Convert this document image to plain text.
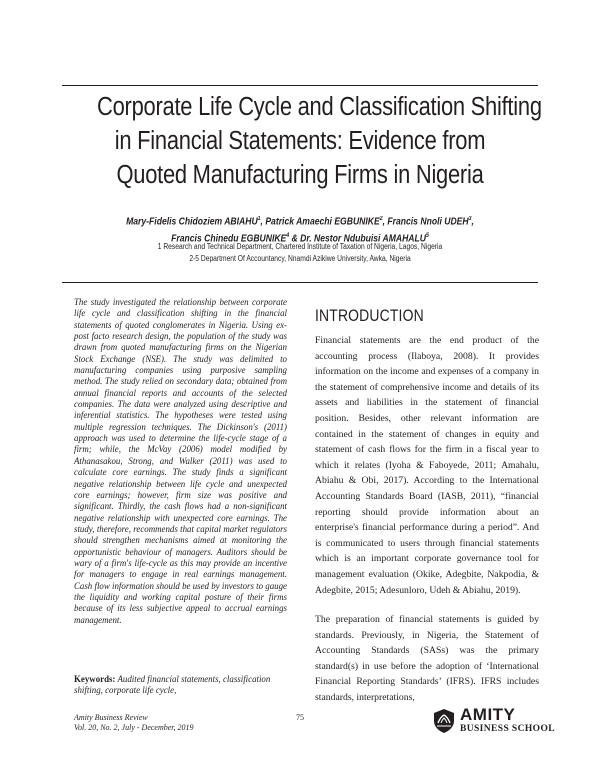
Corporate Life Cycle and Classification Shifting
in Financial Statements: Evidence from
Quoted Manufacturing Firms in Nigeria
Mary-Fidelis Chidoziem ABIAHU$^1$, Patrick Amaechi EGBUNIKE$^2$, Francis Nnoli UDEH$^3$,
Francis Chinedu EGBUNIKE$^4$ & Dr. Nestor Ndubuisi AMAHALU$^5$
1 Research and Technical Department, Chartered Institute of Taxation of Nigeria, Lagos, Nigeria
2-5 Department Of Accountancy, Nnamdi Azikiwe University, Awka, Nigeria

The study investigated the relationship between corporate life cycle and classification shifting in the financial statements of quoted conglomerates in Nigeria. Using ex-post facto research design, the population of the study was drawn from quoted manufacturing firms on the Nigerian Stock Exchange (NSE). The study was delimited to manufacturing companies using purposive sampling method. The study relied on secondary data; obtained from annual financial reports and accounts of the selected companies. The data were analyzed using descriptive and inferential statistics. The hypotheses were tested using multiple regression techniques. The Dickinson's (2011) approach was used to determine the life-cycle stage of a firm; while, the McVay (2006) model modified by Athanasakou, Strong, and Walker (2011) was used to calculate core earnings. The study finds a significant negative relationship between life cycle and unexpected core earnings; however, firm size was positive and significant. Thirdly, the cash flows had a non-significant negative relationship with unexpected core earnings. The study, therefore, recommends that capital market regulators should strengthen mechanisms aimed at monitoring the opportunistic behaviour of managers. Auditors should be wary of a firm's life-cycle as this may provide an incentive for managers to engage in real earnings management. Cash flow information should be used by investors to gauge the liquidity and working capital posture of their firms because of its less subjective appeal to accrual earnings management.

Keywords: Audited financial statements, classification shifting, corporate life cycle,

INTRODUCTION

Financial statements are the end product of the accounting process (Ilaboya, 2008). It provides information on the income and expenses of a company in the statement of comprehensive income and details of its assets and liabilities in the statement of financial position. Besides, other relevant information are contained in the statement of changes in equity and statement of cash flows for the firm in a fiscal year to which it relates (Iyoha & Faboyede, 2011; Amahalu, Abiahu & Obi, 2017). According to the International Accounting Standards Board (IASB, 2011), “financial reporting should provide information about an enterprise's financial performance during a period”. And is communicated to users through financial statements which is an important corporate governance tool for management evaluation (Okike, Adegbite, Nakpodia, & Adegbite, 2015; Adesunloro, Udeh & Abiahu, 2019).

The preparation of financial statements is guided by standards. Previously, in Nigeria, the Statement of Accounting Standards (SASs) was the primary standard(s) in use before the adoption of ‘International Financial Reporting Standards’ (IFRS). IFRS includes standards, interpretations,

Amity Business Review
Vol. 20, No. 2, July - December, 2019
75	AMITY
BUSINESS SCHOOL
